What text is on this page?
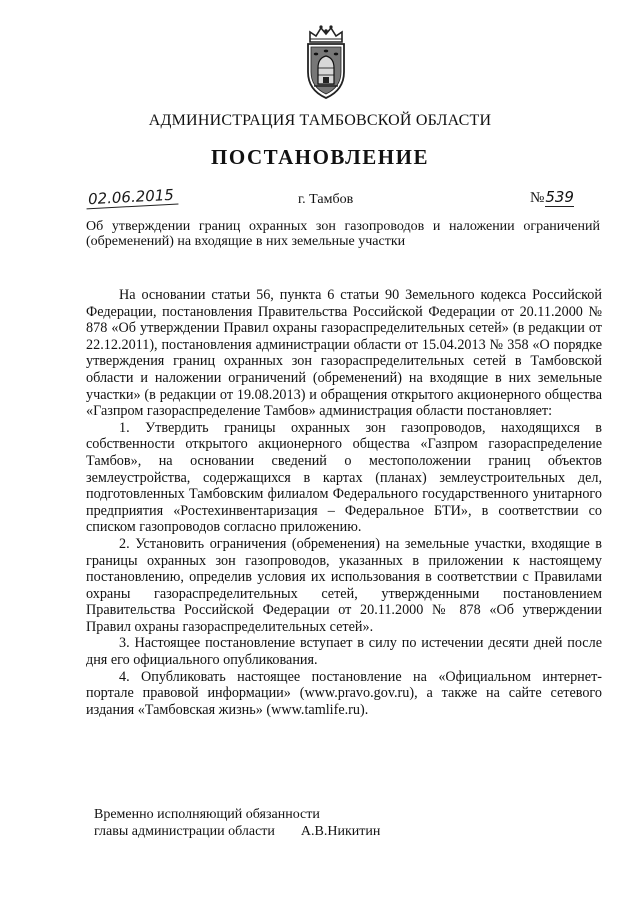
АДМИНИСТРАЦИЯ ТАМБОВСКОЙ ОБЛАСТИ
ПОСТАНОВЛЕНИЕ
02.06.2015	г. Тамбов	№539
Об утверждении границ охранных зон газопроводов и наложении ограничений (обременений) на входящие в них земельные участки

На основании статьи 56, пункта 6 статьи 90 Земельного кодекса Российской Федерации, постановления Правительства Российской Федерации от 20.11.2000 № 878 «Об утверждении Правил охраны газораспределительных сетей» (в редакции от 22.12.2011), постановления администрации области от 15.04.2013 № 358 «О порядке утверждения границ охранных зон газораспределительных сетей в Тамбовской области и наложении ограничений (обременений) на входящие в них земельные участки» (в редакции от 19.08.2013) и обращения открытого акционерного общества «Газпром газораспределение Тамбов» администрация области постановляет:

1. Утвердить границы охранных зон газопроводов, находящихся в собственности открытого акционерного общества «Газпром газораспределение Тамбов», на основании сведений о местоположении границ объектов землеустройства, содержащихся в картах (планах) землеустроительных дел, подготовленных Тамбовским филиалом Федерального государственного унитарного предприятия «Ростехинвентаризация – Федеральное БТИ», в соответствии со списком газопроводов согласно приложению.

2. Установить ограничения (обременения) на земельные участки, входящие в границы охранных зон газопроводов, указанных в приложении к настоящему постановлению, определив условия их использования в соответствии с Правилами охраны газораспределительных сетей, утвержденными постановлением Правительства Российской Федерации от 20.11.2000 № 878 «Об утверждении Правил охраны газораспределительных сетей».

3. Настоящее постановление вступает в силу по истечении десяти дней после дня его официального опубликования.

4. Опубликовать настоящее постановление на «Официальном интернет-портале правовой информации» (www.pravo.gov.ru), а также на сайте сетевого издания «Тамбовская жизнь» (www.tamlife.ru).

Временно исполняющий обязанности
главы администрации области А.В.Никитин
